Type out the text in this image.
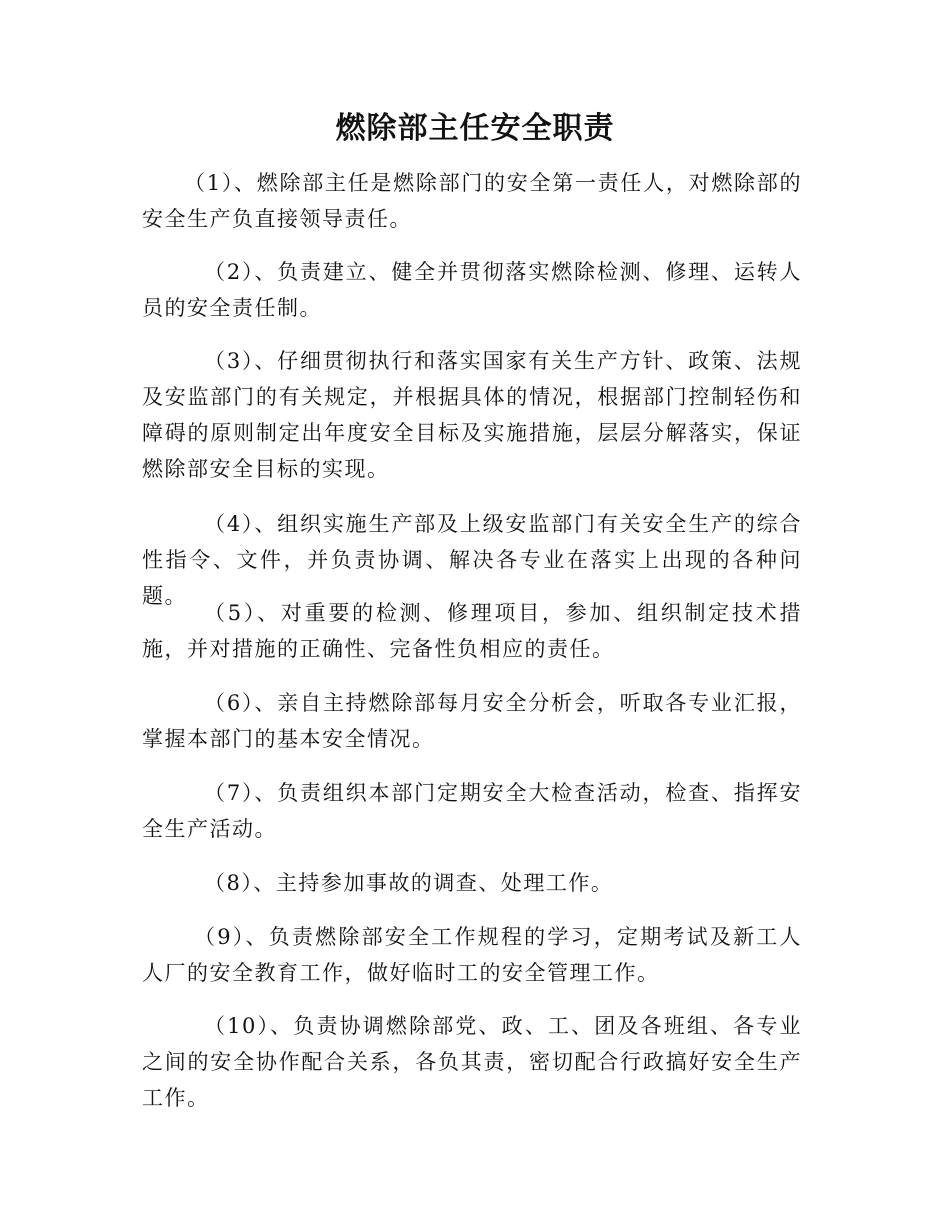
燃除部主任安全职责

（1）、燃除部主任是燃除部门的安全第一责任人，对燃除部的安全生产负直接领导责任。

（2）、负责建立、健全并贯彻落实燃除检测、修理、运转人员的安全责任制。

（3）、仔细贯彻执行和落实国家有关生产方针、政策、法规及安监部门的有关规定，并根据具体的情况，根据部门控制轻伤和障碍的原则制定出年度安全目标及实施措施，层层分解落实，保证燃除部安全目标的实现。

（4）、组织实施生产部及上级安监部门有关安全生产的综合性指令、文件，并负责协调、解决各专业在落实上出现的各种问题。

（5）、对重要的检测、修理项目，参加、组织制定技术措施，并对措施的正确性、完备性负相应的责任。

（6）、亲自主持燃除部每月安全分析会，听取各专业汇报，掌握本部门的基本安全情况。

（7）、负责组织本部门定期安全大检查活动，检查、指挥安全生产活动。

（8）、主持参加事故的调查、处理工作。

（9）、负责燃除部安全工作规程的学习，定期考试及新工人人厂的安全教育工作，做好临时工的安全管理工作。

（10）、负责协调燃除部党、政、工、团及各班组、各专业之间的安全协作配合关系，各负其责，密切配合行政搞好安全生产工作。
